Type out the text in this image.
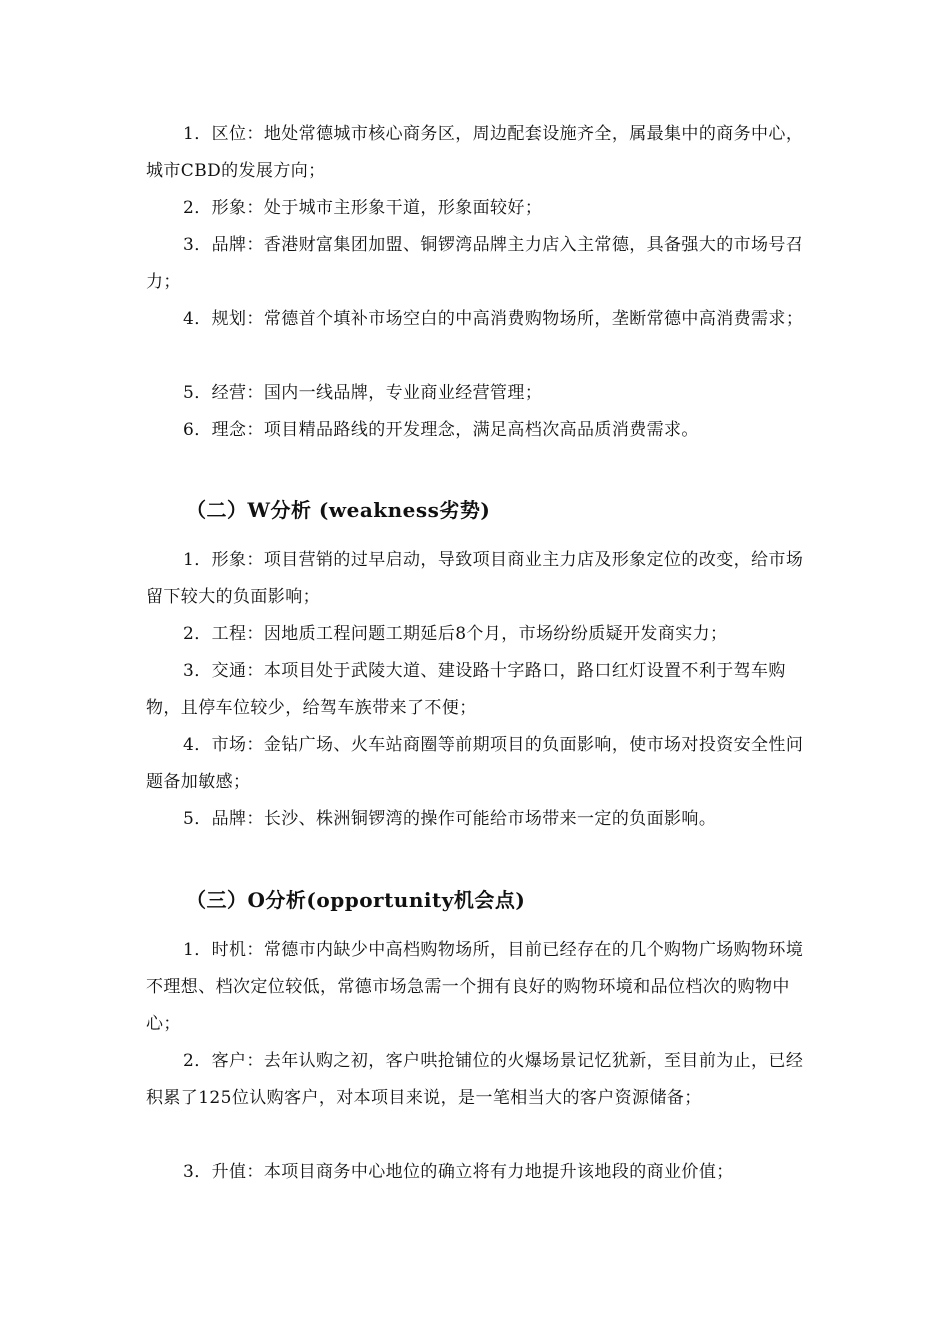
1．区位：地处常德城市核心商务区，周边配套设施齐全，属最集中的商务中心，城市CBD的发展方向；

2．形象：处于城市主形象干道，形象面较好；

3．品牌：香港财富集团加盟、铜锣湾品牌主力店入主常德，具备强大的市场号召力；

4．规划：常德首个填补市场空白的中高消费购物场所，垄断常德中高消费需求；

5．经营：国内一线品牌，专业商业经营管理；

6．理念：项目精品路线的开发理念，满足高档次高品质消费需求。

（二）W分析 (weakness劣势)

1．形象：项目营销的过早启动，导致项目商业主力店及形象定位的改变，给市场留下较大的负面影响；

2．工程：因地质工程问题工期延后8个月，市场纷纷质疑开发商实力；

3．交通：本项目处于武陵大道、建设路十字路口，路口红灯设置不利于驾车购物，且停车位较少，给驾车族带来了不便；

4．市场：金钻广场、火车站商圈等前期项目的负面影响，使市场对投资安全性问题备加敏感；

5．品牌：长沙、株洲铜锣湾的操作可能给市场带来一定的负面影响。

（三）O分析(opportunity机会点)

1．时机：常德市内缺少中高档购物场所，目前已经存在的几个购物广场购物环境不理想、档次定位较低，常德市场急需一个拥有良好的购物环境和品位档次的购物中心；

2．客户：去年认购之初，客户哄抢铺位的火爆场景记忆犹新，至目前为止，已经积累了125位认购客户，对本项目来说，是一笔相当大的客户资源储备；

3．升值：本项目商务中心地位的确立将有力地提升该地段的商业价值；
